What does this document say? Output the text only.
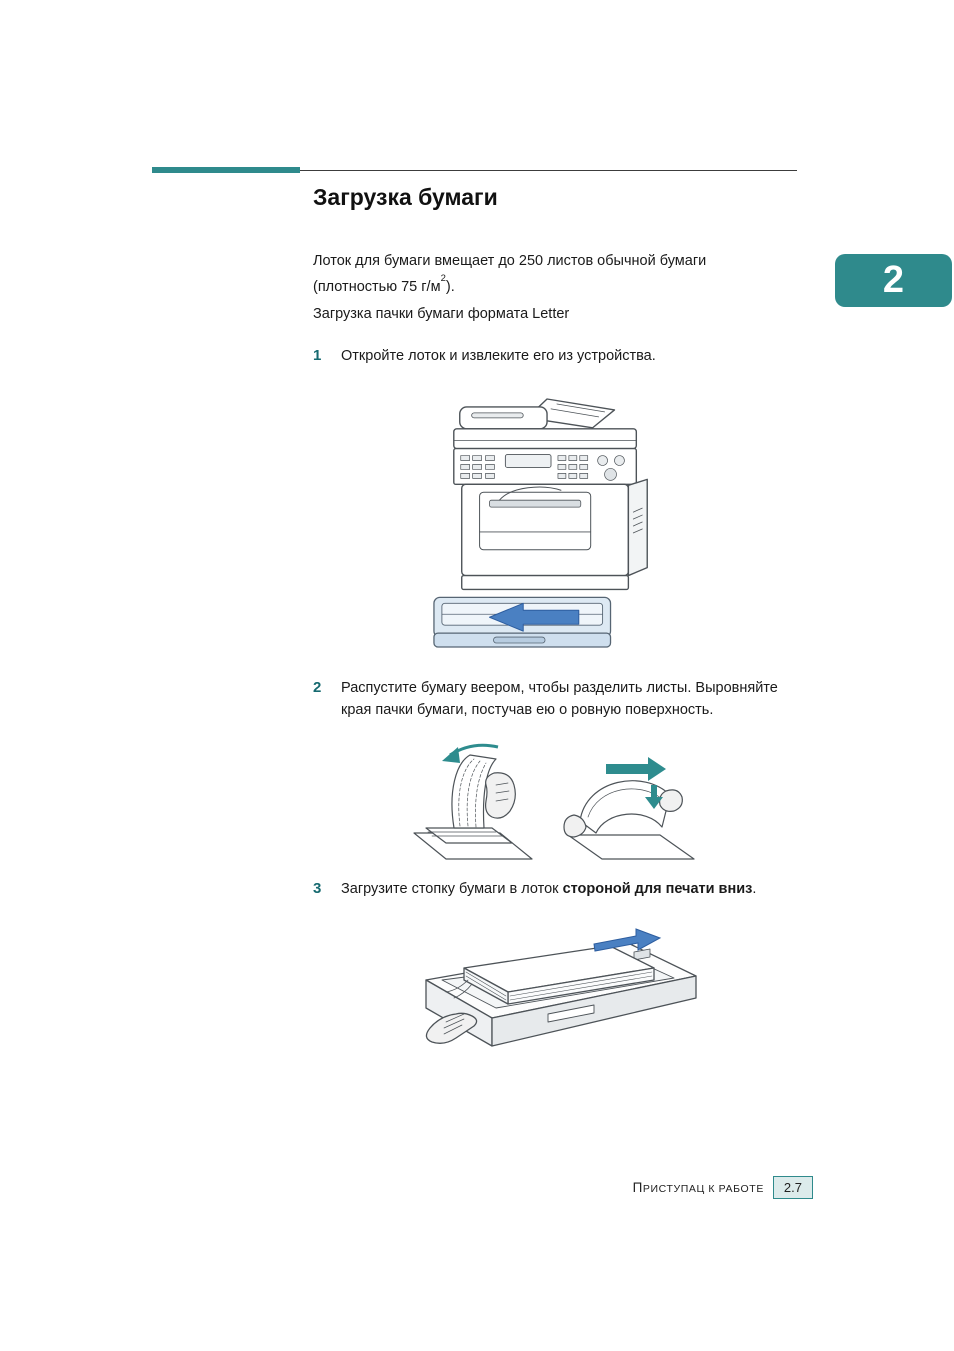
Загрузка бумаги
2
Лоток для бумаги вмещает до 250 листов обычной бумаги
(плотностью 75 $г/м^2$).
Загрузка пачки бумаги формата Letter
1	Откройте лоток и извлеките его из устройства.
2	Распустите бумагу веером, чтобы разделить листы. Выровняйте края пачки бумаги, постучав ею о ровную поверхность.
3	Загрузите стопку бумаги в лоток стороной для печати вниз.
ПРИСТУПАЦ К РАБОТЕ	2.7
